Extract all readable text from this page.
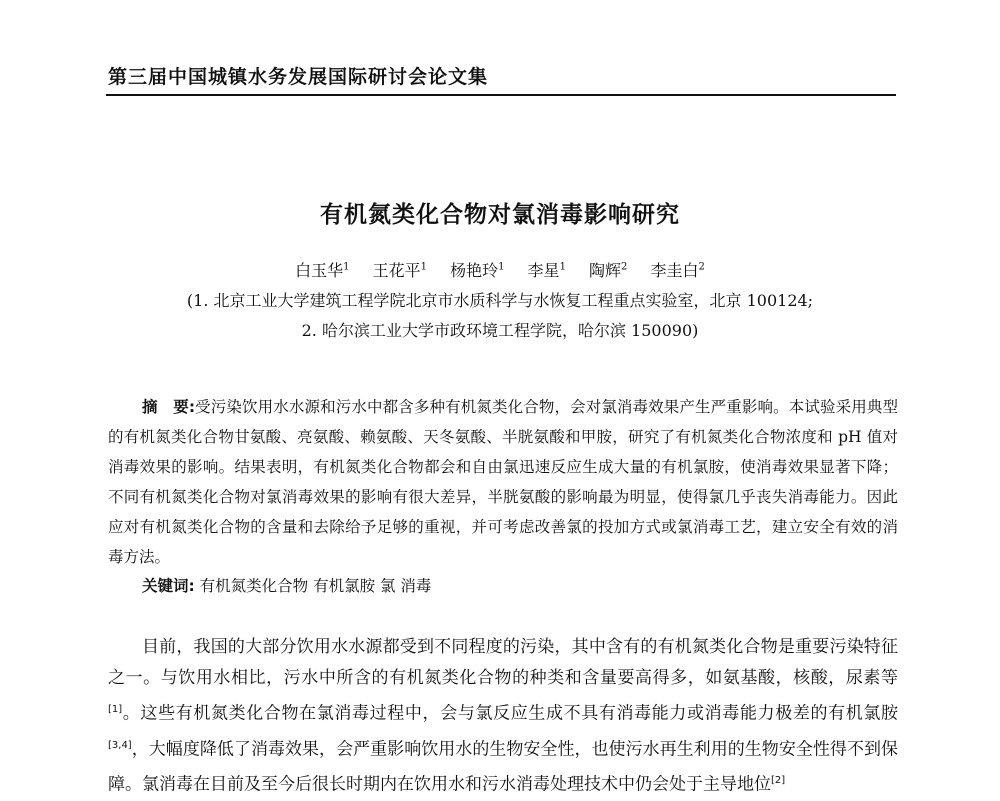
第三届中国城镇水务发展国际研讨会论文集
有机氮类化合物对氯消毒影响研究
白玉华$^1$ 王花平$^1$ 杨艳玲$^1$ 李星$^1$ 陶辉$^2$ 李圭白$^2$
(1. 北京工业大学建筑工程学院北京市水质科学与水恢复工程重点实验室，北京 100124;
2. 哈尔滨工业大学市政环境工程学院，哈尔滨 150090)
摘　要:受污染饮用水水源和污水中都含多种有机氮类化合物，会对氯消毒效果产生严重影响。本试验采用典型的有机氮类化合物甘氨酸、亮氨酸、赖氨酸、天冬氨酸、半胱氨酸和甲胺，研究了有机氮类化合物浓度和 pH 值对消毒效果的影响。结果表明，有机氮类化合物都会和自由氯迅速反应生成大量的有机氯胺，使消毒效果显著下降；不同有机氮类化合物对氯消毒效果的影响有很大差异，半胱氨酸的影响最为明显，使得氯几乎丧失消毒能力。因此应对有机氮类化合物的含量和去除给予足够的重视，并可考虑改善氯的投加方式或氯消毒工艺，建立安全有效的消毒方法。
关键词: 有机氮类化合物 有机氯胺 氯 消毒

目前，我国的大部分饮用水水源都受到不同程度的污染，其中含有的有机氮类化合物是重要污染特征之一。与饮用水相比，污水中所含的有机氮类化合物的种类和含量要高得多，如氨基酸，核酸，尿素等[1]。这些有机氮类化合物在氯消毒过程中，会与氯反应生成不具有消毒能力或消毒能力极差的有机氯胺[3,4]，大幅度降低了消毒效果，会严重影响饮用水的生物安全性，也使污水再生利用的生物安全性得不到保障。氯消毒在目前及至今后很长时期内在饮用水和污水消毒处理技术中仍会处于主导地位[2]
